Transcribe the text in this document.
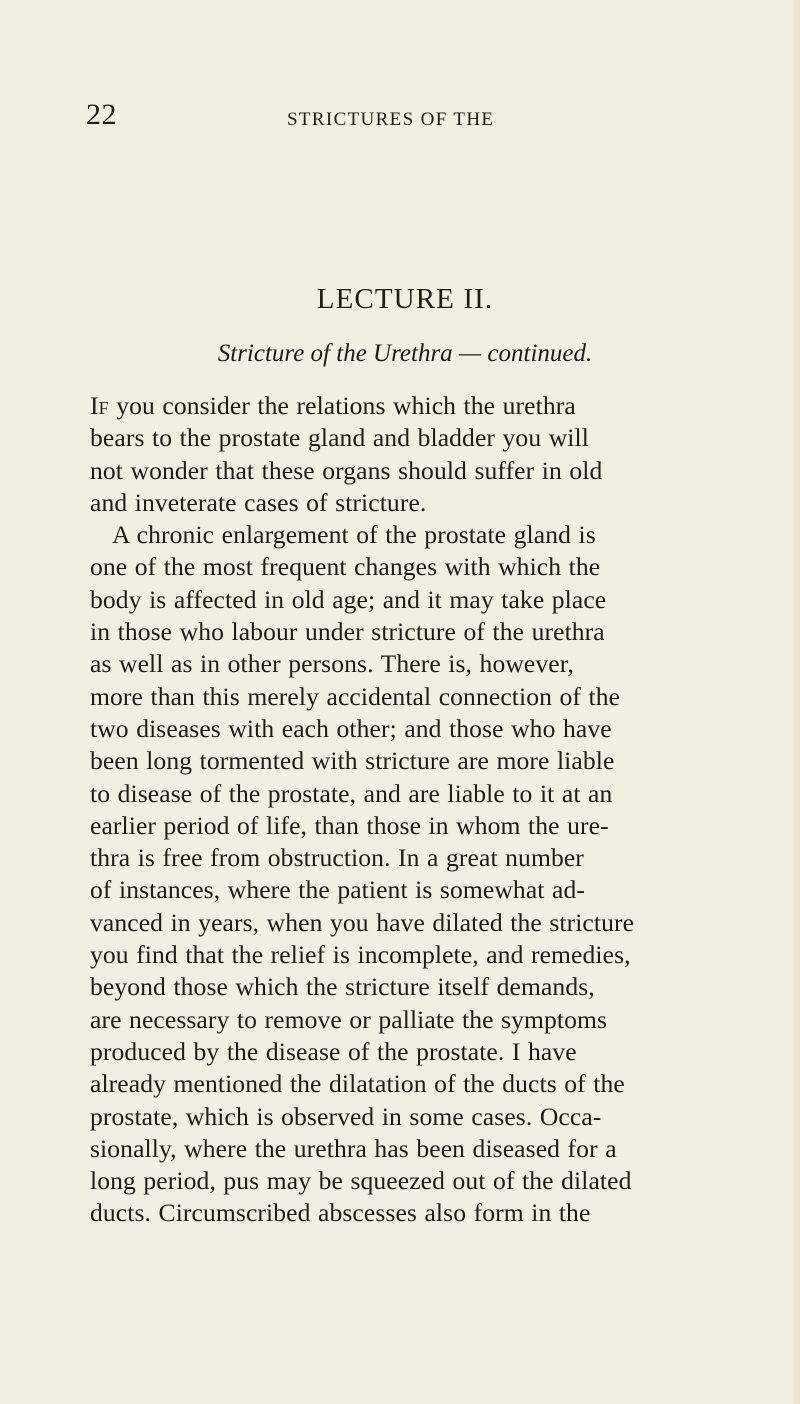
22	STRICTURES OF THE
LECTURE II.
Stricture of the Urethra — continued.
If you consider the relations which the urethra
bears to the prostate gland and bladder you will
not wonder that these organs should suffer in old
and inveterate cases of stricture.
A chronic enlargement of the prostate gland is
one of the most frequent changes with which the
body is affected in old age; and it may take place
in those who labour under stricture of the urethra
as well as in other persons. There is, however,
more than this merely accidental connection of the
two diseases with each other; and those who have
been long tormented with stricture are more liable
to disease of the prostate, and are liable to it at an
earlier period of life, than those in whom the ure-
thra is free from obstruction. In a great number
of instances, where the patient is somewhat ad-
vanced in years, when you have dilated the stricture
you find that the relief is incomplete, and remedies,
beyond those which the stricture itself demands,
are necessary to remove or palliate the symptoms
produced by the disease of the prostate. I have
already mentioned the dilatation of the ducts of the
prostate, which is observed in some cases. Occa-
sionally, where the urethra has been diseased for a
long period, pus may be squeezed out of the dilated
ducts. Circumscribed abscesses also form in the
